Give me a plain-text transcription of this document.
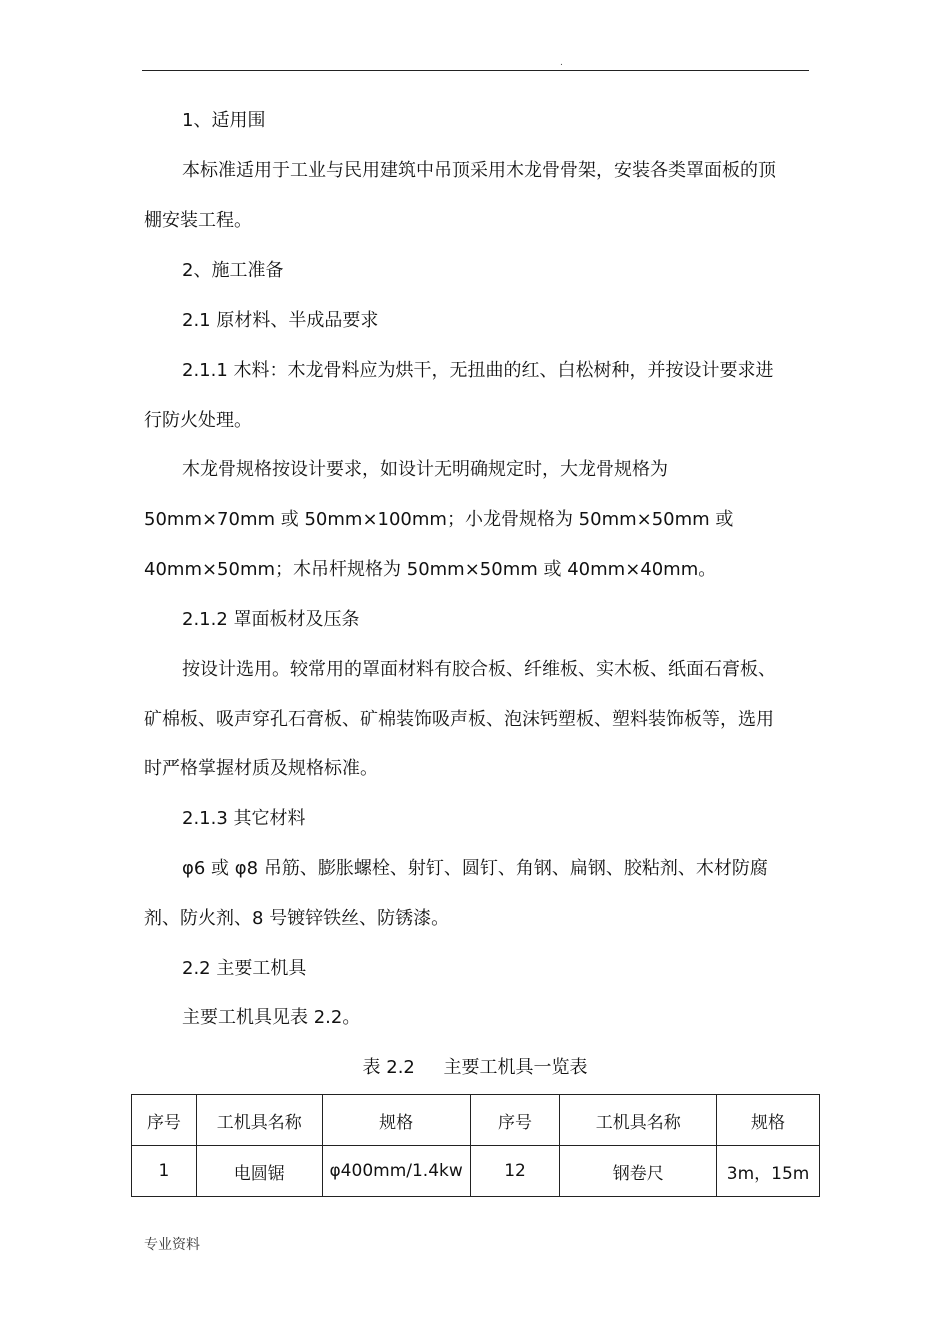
.
1、适用围
本标准适用于工业与民用建筑中吊顶采用木龙骨骨架，安装各类罩面板的顶
棚安装工程。
2、施工准备
2.1 原材料、半成品要求
2.1.1 木料：木龙骨料应为烘干，无扭曲的红、白松树种，并按设计要求进
行防火处理。
木龙骨规格按设计要求，如设计无明确规定时，大龙骨规格为
50mm×70mm 或 50mm×100mm；小龙骨规格为 50mm×50mm 或
40mm×50mm；木吊杆规格为 50mm×50mm 或 40mm×40mm。
2.1.2 罩面板材及压条
按设计选用。较常用的罩面材料有胶合板、纤维板、实木板、纸面石膏板、
矿棉板、吸声穿孔石膏板、矿棉装饰吸声板、泡沫钙塑板、塑料装饰板等，选用
时严格掌握材质及规格标准。
2.1.3 其它材料
φ6 或 φ8 吊筋、膨胀螺栓、射钉、圆钉、角钢、扁钢、胶粘剂、木材防腐
剂、防火剂、8 号镀锌铁丝、防锈漆。
2.2 主要工机具
主要工机具见表 2.2。
表 2.2     主要工机具一览表
序号	工机具名称	规格	序号	工机具名称	规格
1	电圆锯	φ400mm/1.4kw	12	钢卷尺	3m，15m
专业资料
